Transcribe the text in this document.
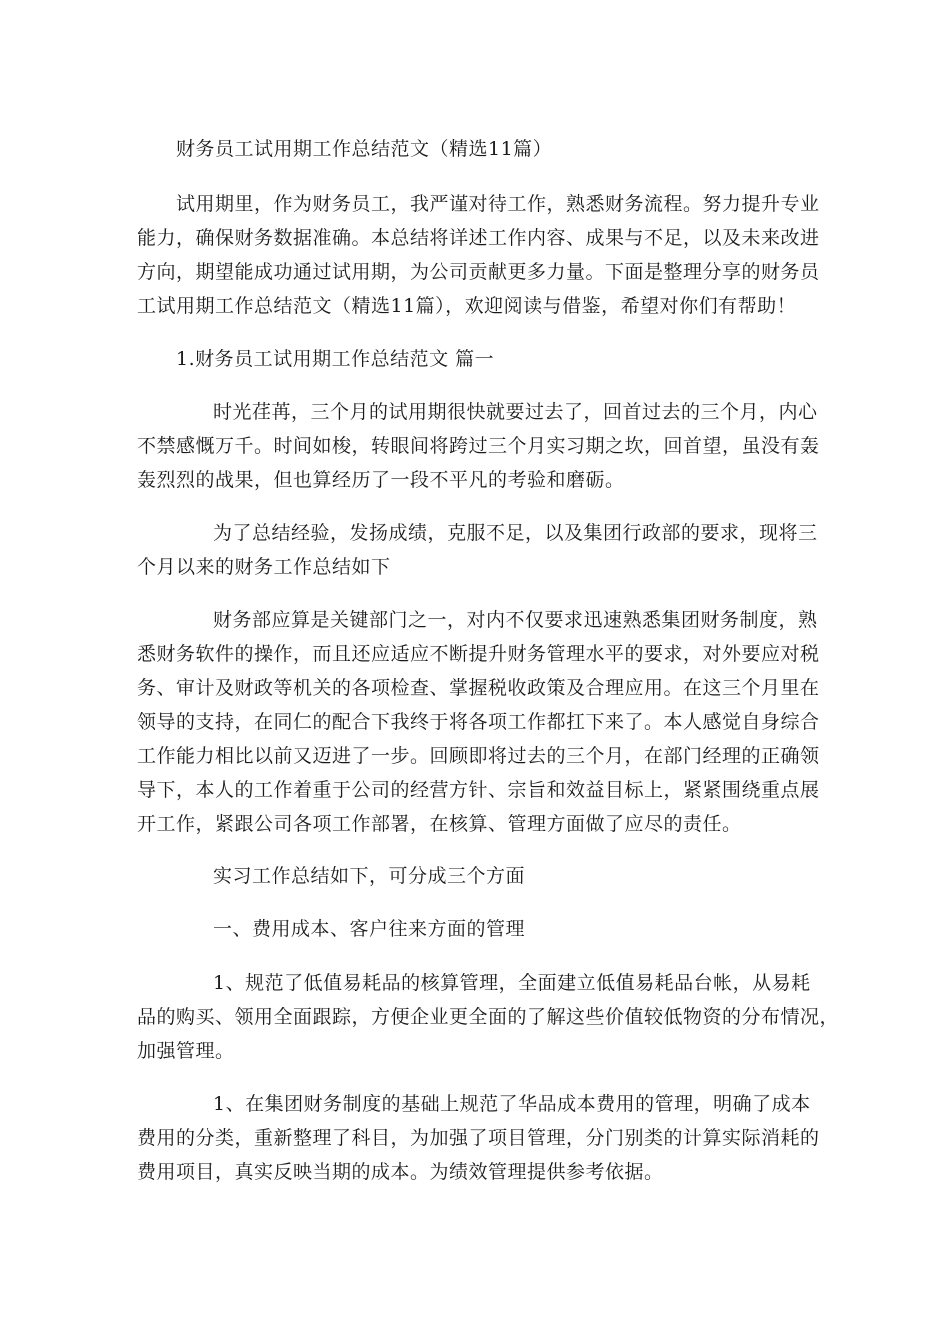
财务员工试用期工作总结范文（精选11篇）
试用期里，作为财务员工，我严谨对待工作，熟悉财务流程。努力提升专业
能力，确保财务数据准确。本总结将详述工作内容、成果与不足，以及未来改进
方向，期望能成功通过试用期，为公司贡献更多力量。下面是整理分享的财务员
工试用期工作总结范文（精选11篇），欢迎阅读与借鉴，希望对你们有帮助！
1.财务员工试用期工作总结范文 篇一
时光荏苒，三个月的试用期很快就要过去了，回首过去的三个月，内心
不禁感慨万千。时间如梭，转眼间将跨过三个月实习期之坎，回首望，虽没有轰
轰烈烈的战果，但也算经历了一段不平凡的考验和磨砺。
为了总结经验，发扬成绩，克服不足，以及集团行政部的要求，现将三
个月以来的财务工作总结如下
财务部应算是关键部门之一，对内不仅要求迅速熟悉集团财务制度，熟
悉财务软件的操作，而且还应适应不断提升财务管理水平的要求，对外要应对税
务、审计及财政等机关的各项检查、掌握税收政策及合理应用。在这三个月里在
领导的支持，在同仁的配合下我终于将各项工作都扛下来了。本人感觉自身综合
工作能力相比以前又迈进了一步。回顾即将过去的三个月，在部门经理的正确领
导下，本人的工作着重于公司的经营方针、宗旨和效益目标上，紧紧围绕重点展
开工作，紧跟公司各项工作部署，在核算、管理方面做了应尽的责任。
实习工作总结如下，可分成三个方面
一、费用成本、客户往来方面的管理
1、规范了低值易耗品的核算管理，全面建立低值易耗品台帐，从易耗
品的购买、领用全面跟踪，方便企业更全面的了解这些价值较低物资的分布情况，
加强管理。
1、在集团财务制度的基础上规范了华品成本费用的管理，明确了成本
费用的分类，重新整理了科目，为加强了项目管理，分门别类的计算实际消耗的
费用项目，真实反映当期的成本。为绩效管理提供参考依据。
